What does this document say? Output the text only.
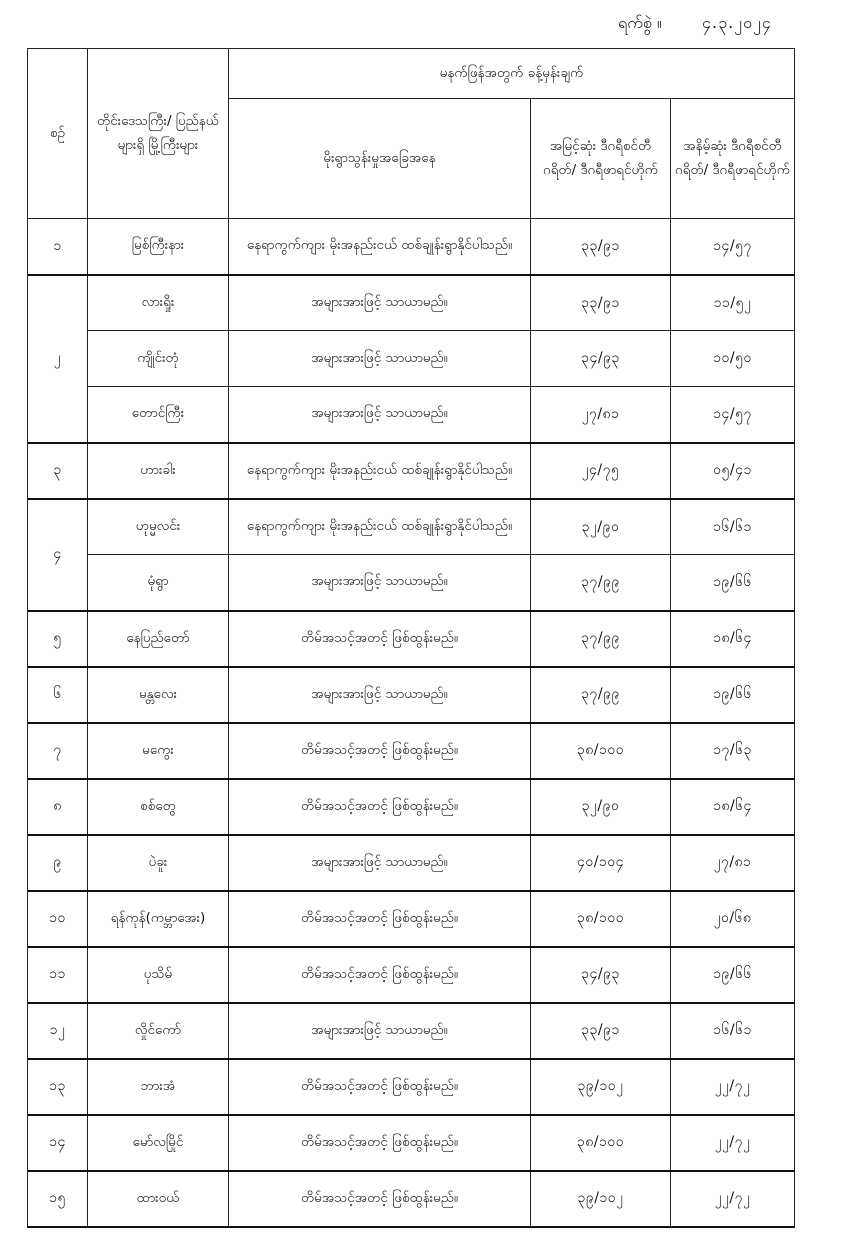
ရက်စွဲ ။	၄.၃.၂၀၂၄
စဉ်	တိုင်းဒေသကြီး/ ပြည်နယ်များရှိ မြို့ကြီးများ	မနက်ဖြန်အတွက် ခန့်မှန်းချက်		
		မိုးရွာသွန်းမှုအခြေအနေ	အမြင့်ဆုံး ဒီဂရီစင်တီဂရိတ်/ ဒီဂရီဖာရင်ဟိုက်	အနိမ့်ဆုံး ဒီဂရီစင်တီဂရိတ်/ ဒီဂရီဖာရင်ဟိုက်
၁	မြစ်ကြီးနား	နေရာကွက်ကျား မိုးအနည်းငယ် ထစ်ချုန်းရွာနိုင်ပါသည်။	၃၃/၉၁	၁၄/၅၇
၂	လားရှိုး	အများအားဖြင့် သာယာမည်။	၃၃/၉၁	၁၁/၅၂
	ကျိုင်းတုံ	အများအားဖြင့် သာယာမည်။	၃၄/၉၃	၁၀/၅၀
	တောင်ကြီး	အများအားဖြင့် သာယာမည်။	၂၇/၈၁	၁၄/၅၇
၃	ဟားခါး	နေရာကွက်ကျား မိုးအနည်းငယ် ထစ်ချုန်းရွာနိုင်ပါသည်။	၂၄/၇၅	၀၅/၄၁
၄	ဟုမ္မလင်း	နေရာကွက်ကျား မိုးအနည်းငယ် ထစ်ချုန်းရွာနိုင်ပါသည်။	၃၂/၉၀	၁၆/၆၁
	မုံရွာ	အများအားဖြင့် သာယာမည်။	၃၇/၉၉	၁၉/၆၆
၅	နေပြည်တော်	တိမ်အသင့်အတင့် ဖြစ်ထွန်းမည်။	၃၇/၉၉	၁၈/၆၄
၆	မန္တလေး	အများအားဖြင့် သာယာမည်။	၃၇/၉၉	၁၉/၆၆
၇	မကွေး	တိမ်အသင့်အတင့် ဖြစ်ထွန်းမည်။	၃၈/၁၀၀	၁၇/၆၃
၈	စစ်တွေ	တိမ်အသင့်အတင့် ဖြစ်ထွန်းမည်။	၃၂/၉၀	၁၈/၆၄
၉	ပဲခူး	အများအားဖြင့် သာယာမည်။	၄၀/၁၀၄	၂၇/၈၁
၁၀	ရန်ကုန်(ကမ္ဘာအေး)	တိမ်အသင့်အတင့် ဖြစ်ထွန်းမည်။	၃၈/၁၀၀	၂၀/၆၈
၁၁	ပုသိမ်	တိမ်အသင့်အတင့် ဖြစ်ထွန်းမည်။	၃၄/၉၃	၁၉/၆၆
၁၂	လှိုင်ကော်	အများအားဖြင့် သာယာမည်။	၃၃/၉၁	၁၆/၆၁
၁၃	ဘားအံ	တိမ်အသင့်အတင့် ဖြစ်ထွန်းမည်။	၃၉/၁၀၂	၂၂/၇၂
၁၄	မော်လမြိုင်	တိမ်အသင့်အတင့် ဖြစ်ထွန်းမည်။	၃၈/၁၀၀	၂၂/၇၂
၁၅	ထားဝယ်	တိမ်အသင့်အတင့် ဖြစ်ထွန်းမည်။	၃၉/၁၀၂	၂၂/၇၂
